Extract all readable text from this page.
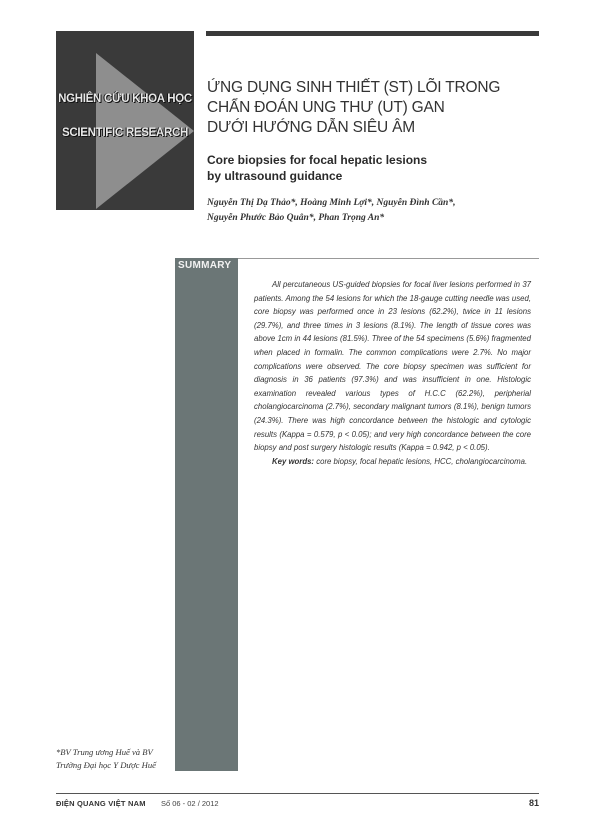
NGHIÊN CỨU KHOA HỌC
SCIENTIFIC RESEARCH
ỨNG DỤNG SINH THIẾT (ST) LÕI TRONG
CHẨN ĐOÁN UNG THƯ (UT) GAN
DƯỚI HƯỚNG DẪN SIÊU ÂM
Core biopsies for focal hepatic lesions
by ultrasound guidance
Nguyễn Thị Dạ Thảo*, Hoàng Minh Lợi*, Nguyễn Đình Cần*,
Nguyễn Phước Bảo Quân*, Phan Trọng An*
SUMMARY

All percutaneous US-guided biopsies for focal liver lesions performed in 37 patients. Among the 54 lesions for which the 18-gauge cutting needle was used, core biopsy was performed once in 23 lesions (62.2%), twice in 11 lesions (29.7%), and three times in 3 lesions (8.1%). The length of tissue cores was above 1cm in 44 lesions (81.5%). Three of the 54 specimens (5.6%) fragmented when placed in formalin. The common complications were 2.7%. No major complications were observed. The core biopsy specimen was sufficient for diagnosis in 36 patients (97.3%) and was insufficient in one. Histologic examination revealed various types of H.C.C (62.2%), peripherial cholangiocarcinoma (2.7%), secondary malignant tumors (8.1%), benign tumors (24.3%). There was high concordance between the histologic and cytologic results (Kappa = 0.579, p < 0.05); and very high concordance between the core biopsy and post surgery histologic results (Kappa = 0.942, p < 0.05).

Key words: core biopsy, focal hepatic lesions, HCC, cholangiocarcinoma.

*BV Trung ương Huế và BV
Trường Đại học Y Dược Huế
ĐIỆN QUANG VIỆT NAM Số 06 - 02 / 2012	81
